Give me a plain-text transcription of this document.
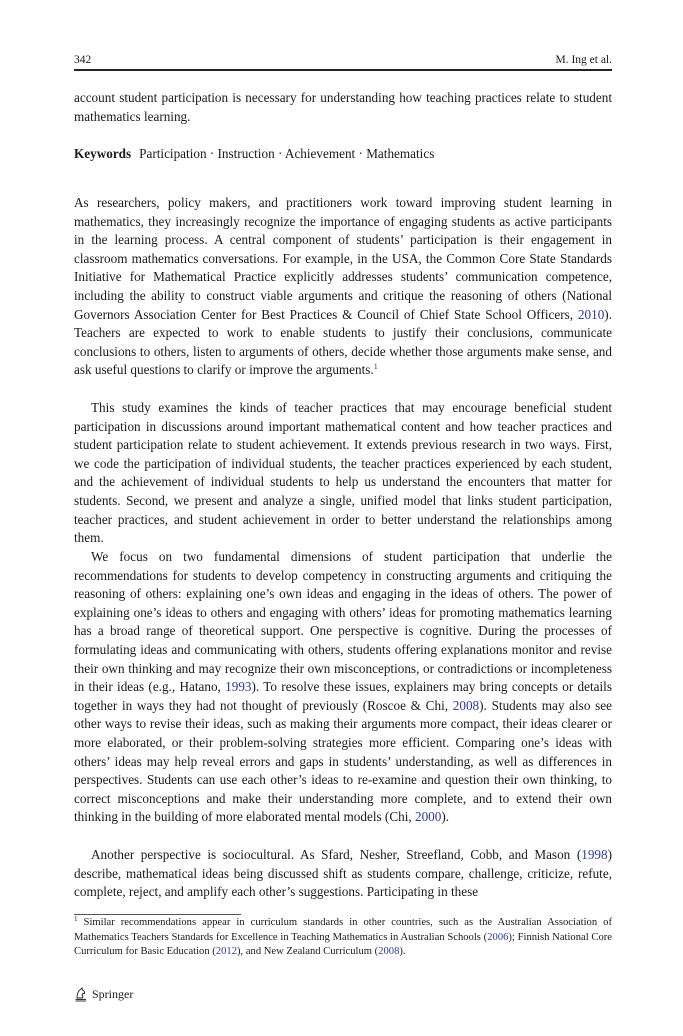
342	M. Ing et al.

account student participation is necessary for understanding how teaching practices relate to student mathematics learning.

Keywords Participation · Instruction · Achievement · Mathematics

As researchers, policy makers, and practitioners work toward improving student learning in mathematics, they increasingly recognize the importance of engaging students as active participants in the learning process. A central component of students’ participation is their engagement in classroom mathematics conversations. For example, in the USA, the Common Core State Standards Initiative for Mathematical Practice explicitly addresses students’ communication competence, including the ability to construct viable arguments and critique the reasoning of others (National Governors Association Center for Best Practices & Council of Chief State School Officers, 2010). Teachers are expected to work to enable students to justify their conclusions, communicate conclusions to others, listen to arguments of others, decide whether those arguments make sense, and ask useful questions to clarify or improve the arguments.$^1$

This study examines the kinds of teacher practices that may encourage beneficial student participation in discussions around important mathematical content and how teacher practices and student participation relate to student achievement. It extends previous research in two ways. First, we code the participation of individual students, the teacher practices experienced by each student, and the achievement of individual students to help us understand the encounters that matter for students. Second, we present and analyze a single, unified model that links student participation, teacher practices, and student achievement in order to better understand the relationships among them.

We focus on two fundamental dimensions of student participation that underlie the recommendations for students to develop competency in constructing arguments and critiquing the reasoning of others: explaining one’s own ideas and engaging in the ideas of others. The power of explaining one’s ideas to others and engaging with others’ ideas for promoting mathematics learning has a broad range of theoretical support. One perspective is cognitive. During the processes of formulating ideas and communicating with others, students offering explanations monitor and revise their own thinking and may recognize their own misconceptions, or contradictions or incompleteness in their ideas (e.g., Hatano, 1993). To resolve these issues, explainers may bring concepts or details together in ways they had not thought of previously (Roscoe & Chi, 2008). Students may also see other ways to revise their ideas, such as making their arguments more compact, their ideas clearer or more elaborated, or their problem-solving strategies more efficient. Comparing one’s ideas with others’ ideas may help reveal errors and gaps in students’ understanding, as well as differences in perspectives. Students can use each other’s ideas to re-examine and question their own thinking, to correct misconceptions and make their understanding more complete, and to extend their own thinking in the building of more elaborated mental models (Chi, 2000).

Another perspective is sociocultural. As Sfard, Nesher, Streefland, Cobb, and Mason (1998) describe, mathematical ideas being discussed shift as students compare, challenge, criticize, refute, complete, reject, and amplify each other’s suggestions. Participating in these

$^1$ Similar recommendations appear in curriculum standards in other countries, such as the Australian Association of Mathematics Teachers Standards for Excellence in Teaching Mathematics in Australian Schools (2006); Finnish National Core Curriculum for Basic Education (2012), and New Zealand Curriculum (2008).

Springer
